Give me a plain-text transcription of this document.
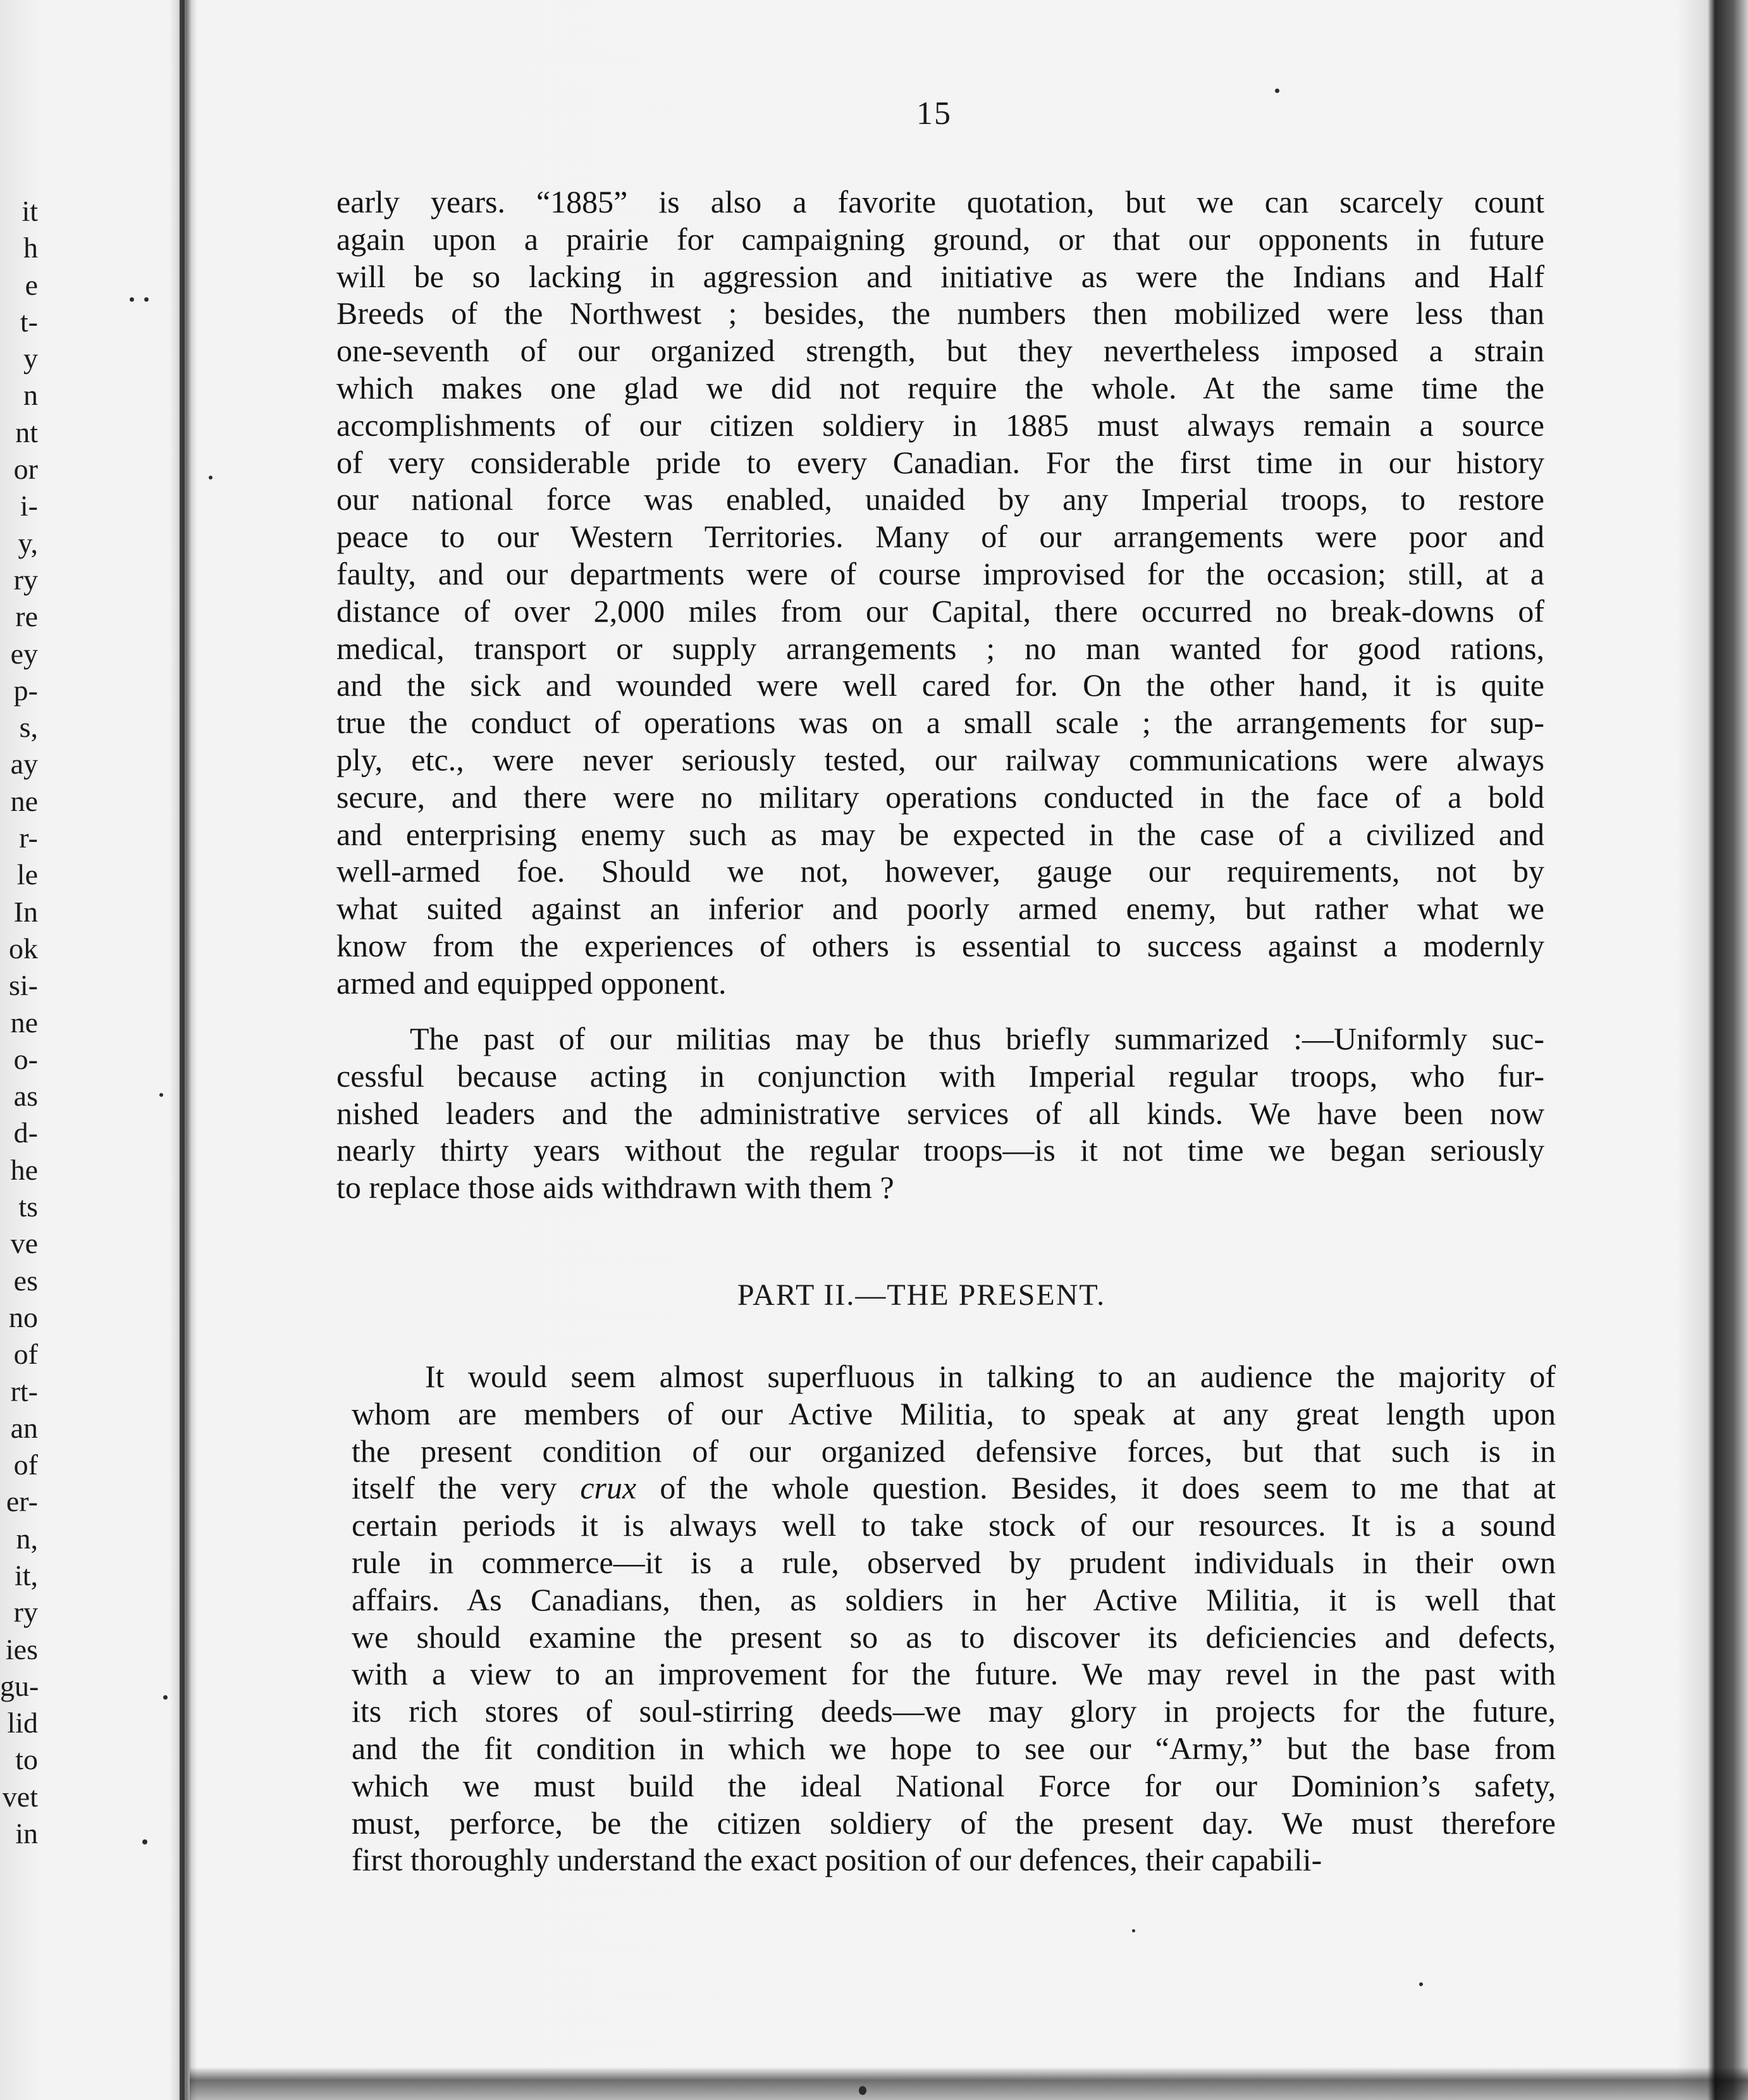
it
h
e
t-
y
n
nt
or
i-
y,
ry
re
ey
p-
s,
ay
ne
r-
le
In
ok
si-
ne
o-
as
d-
he
ts
ve
es
no
of
rt-
an
of
er-
n,
it,
ry
ies
gu-
lid
to
vet
in
15

early years. “1885” is also a favorite quotation, but we can scarcely count
again upon a prairie for campaigning ground, or that our opponents in future
will be so lacking in aggression and initiative as were the Indians and Half
Breeds of the Northwest ; besides, the numbers then mobilized were less than
one-seventh of our organized strength, but they nevertheless imposed a strain
which makes one glad we did not require the whole. At the same time the
accomplishments of our citizen soldiery in 1885 must always remain a source
of very considerable pride to every Canadian. For the first time in our history
our national force was enabled, unaided by any Imperial troops, to restore
peace to our Western Territories. Many of our arrangements were poor and
faulty, and our departments were of course improvised for the occasion; still, at a
distance of over 2,000 miles from our Capital, there occurred no break-downs of
medical, transport or supply arrangements ; no man wanted for good rations,
and the sick and wounded were well cared for. On the other hand, it is quite
true the conduct of operations was on a small scale ; the arrangements for sup-
ply, etc., were never seriously tested, our railway communications were always
secure, and there were no military operations conducted in the face of a bold
and enterprising enemy such as may be expected in the case of a civilized and
well-armed foe. Should we not, however, gauge our requirements, not by
what suited against an inferior and poorly armed enemy, but rather what we
know from the experiences of others is essential to success against a modernly
armed and equipped opponent.

The past of our militias may be thus briefly summarized :—Uniformly suc-
cessful because acting in conjunction with Imperial regular troops, who fur-
nished leaders and the administrative services of all kinds. We have been now
nearly thirty years without the regular troops—is it not time we began seriously
to replace those aids withdrawn with them ?

PART II.—THE PRESENT.

It would seem almost superfluous in talking to an audience the majority of
whom are members of our Active Militia, to speak at any great length upon
the present condition of our organized defensive forces, but that such is in
itself the very crux of the whole question. Besides, it does seem to me that at
certain periods it is always well to take stock of our resources. It is a sound
rule in commerce—it is a rule, observed by prudent individuals in their own
affairs. As Canadians, then, as soldiers in her Active Militia, it is well that
we should examine the present so as to discover its deficiencies and defects,
with a view to an improvement for the future. We may revel in the past with
its rich stores of soul-stirring deeds—we may glory in projects for the future,
and the fit condition in which we hope to see our “Army,” but the base from
which we must build the ideal National Force for our Dominion’s safety,
must, perforce, be the citizen soldiery of the present day. We must therefore
first thoroughly understand the exact position of our defences, their capabili-
